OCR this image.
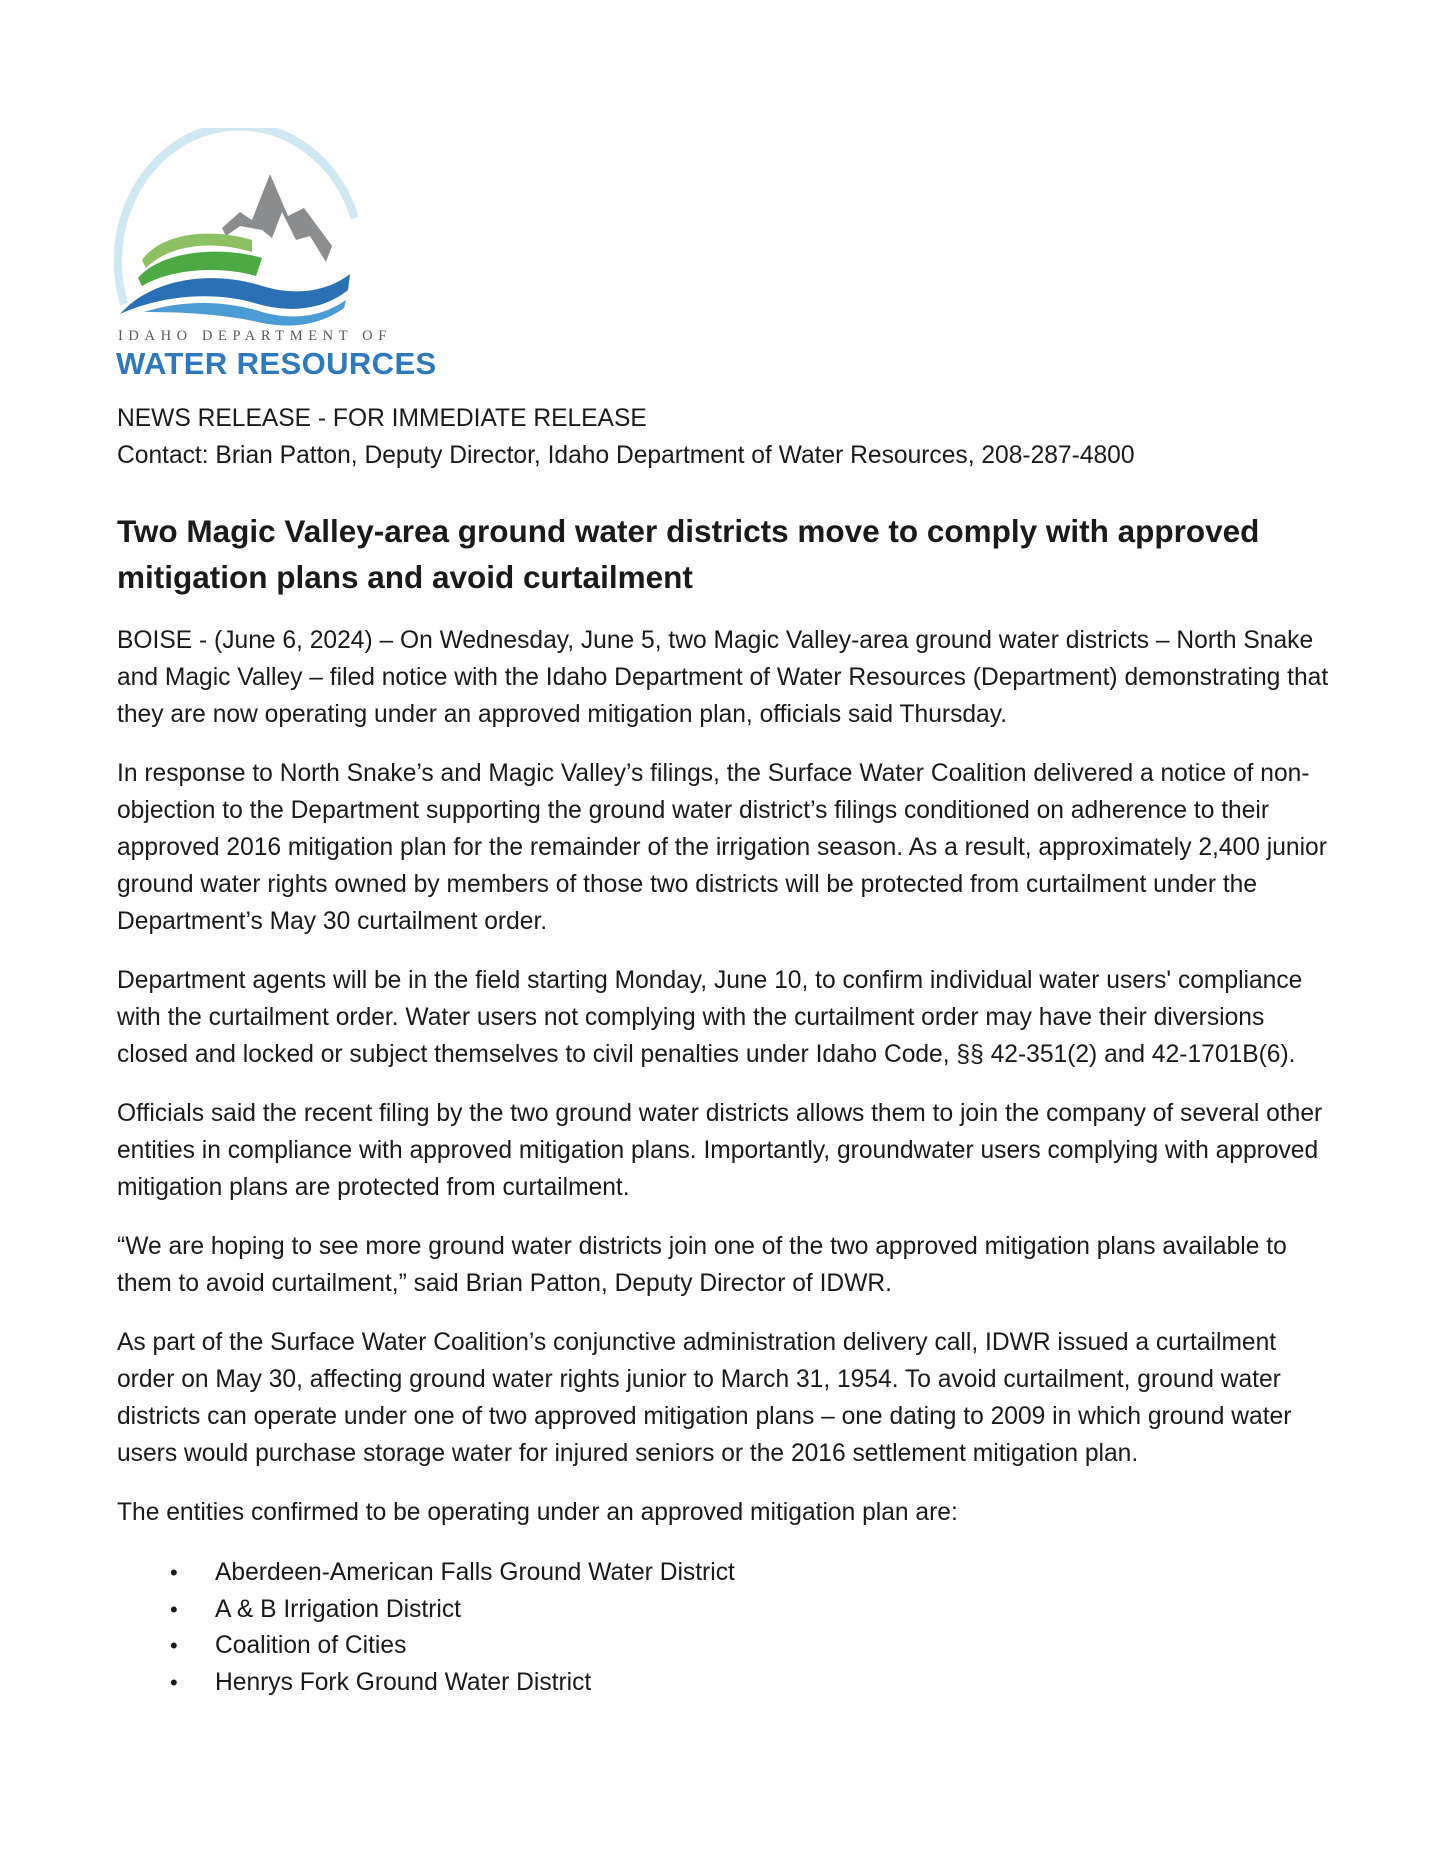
IDAHO DEPARTMENT OF
WATER RESOURCES

NEWS RELEASE - FOR IMMEDIATE RELEASE

Contact: Brian Patton, Deputy Director, Idaho Department of Water Resources, 208-287-4800

Two Magic Valley-area ground water districts move to comply with approved mitigation plans and avoid curtailment

BOISE - (June 6, 2024) – On Wednesday, June 5, two Magic Valley-area ground water districts – North Snake and Magic Valley – filed notice with the Idaho Department of Water Resources (Department) demonstrating that they are now operating under an approved mitigation plan, officials said Thursday.

In response to North Snake’s and Magic Valley’s filings, the Surface Water Coalition delivered a notice of non-objection to the Department supporting the ground water district’s filings conditioned on adherence to their approved 2016 mitigation plan for the remainder of the irrigation season. As a result, approximately 2,400 junior ground water rights owned by members of those two districts will be protected from curtailment under the Department’s May 30 curtailment order.

Department agents will be in the field starting Monday, June 10, to confirm individual water users' compliance with the curtailment order. Water users not complying with the curtailment order may have their diversions closed and locked or subject themselves to civil penalties under Idaho Code, §§ 42-351(2) and 42-1701B(6).

Officials said the recent filing by the two ground water districts allows them to join the company of several other entities in compliance with approved mitigation plans. Importantly, groundwater users complying with approved mitigation plans are protected from curtailment.

“We are hoping to see more ground water districts join one of the two approved mitigation plans available to them to avoid curtailment,” said Brian Patton, Deputy Director of IDWR.

As part of the Surface Water Coalition’s conjunctive administration delivery call, IDWR issued a curtailment order on May 30, affecting ground water rights junior to March 31, 1954. To avoid curtailment, ground water districts can operate under one of two approved mitigation plans – one dating to 2009 in which ground water users would purchase storage water for injured seniors or the 2016 settlement mitigation plan.

The entities confirmed to be operating under an approved mitigation plan are:

• Aberdeen-American Falls Ground Water District
• A & B Irrigation District
• Coalition of Cities
• Henrys Fork Ground Water District
